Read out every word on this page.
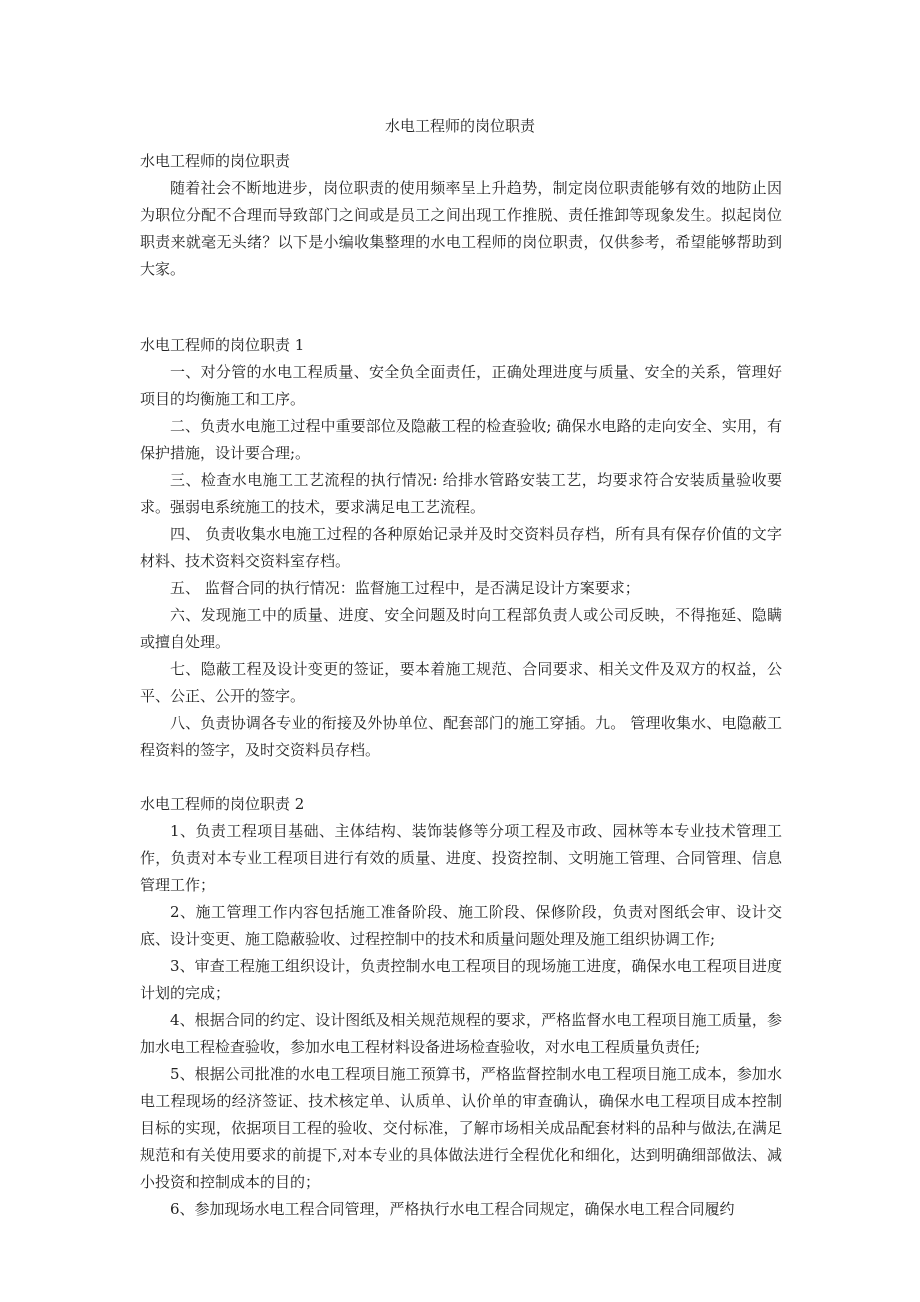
水电工程师的岗位职责

水电工程师的岗位职责

随着社会不断地进步，岗位职责的使用频率呈上升趋势，制定岗位职责能够有效的地防止因为职位分配不合理而导致部门之间或是员工之间出现工作推脱、责任推卸等现象发生。拟起岗位职责来就毫无头绪？以下是小编收集整理的水电工程师的岗位职责，仅供参考，希望能够帮助到大家。

水电工程师的岗位职责 1

一、对分管的水电工程质量、安全负全面责任，正确处理进度与质量、安全的关系，管理好项目的均衡施工和工序。

二、负责水电施工过程中重要部位及隐蔽工程的检查验收; 确保水电路的走向安全、实用，有保护措施，设计要合理;。

三、检查水电施工工艺流程的执行情况: 给排水管路安装工艺，均要求符合安装质量验收要求。强弱电系统施工的技术，要求满足电工艺流程。

四、 负责收集水电施工过程的各种原始记录并及时交资料员存档，所有具有保存价值的文字材料、技术资料交资料室存档。

五、 监督合同的执行情况：监督施工过程中，是否满足设计方案要求；

六、发现施工中的质量、进度、安全问题及时向工程部负责人或公司反映，不得拖延、隐瞒或擅自处理。

七、隐蔽工程及设计变更的签证，要本着施工规范、合同要求、相关文件及双方的权益，公平、公正、公开的签字。

八、负责协调各专业的衔接及外协单位、配套部门的施工穿插。九。 管理收集水、电隐蔽工程资料的签字，及时交资料员存档。

水电工程师的岗位职责 2

1、负责工程项目基础、主体结构、装饰装修等分项工程及市政、园林等本专业技术管理工作，负责对本专业工程项目进行有效的质量、进度、投资控制、文明施工管理、合同管理、信息管理工作；

2、施工管理工作内容包括施工准备阶段、施工阶段、保修阶段，负责对图纸会审、设计交底、设计变更、施工隐蔽验收、过程控制中的技术和质量问题处理及施工组织协调工作;

3、审查工程施工组织设计，负责控制水电工程项目的现场施工进度，确保水电工程项目进度计划的完成；

4、根据合同的约定、设计图纸及相关规范规程的要求，严格监督水电工程项目施工质量，参加水电工程检查验收，参加水电工程材料设备进场检查验收，对水电工程质量负责任;

5、根据公司批准的水电工程项目施工预算书，严格监督控制水电工程项目施工成本，参加水电工程现场的经济签证、技术核定单、认质单、认价单的审查确认，确保水电工程项目成本控制目标的实现，依据项目工程的验收、交付标准，了解市场相关成品配套材料的品种与做法,在满足规范和有关使用要求的前提下,对本专业的具体做法进行全程优化和细化，达到明确细部做法、减小投资和控制成本的目的；

6、参加现场水电工程合同管理，严格执行水电工程合同规定，确保水电工程合同履约
